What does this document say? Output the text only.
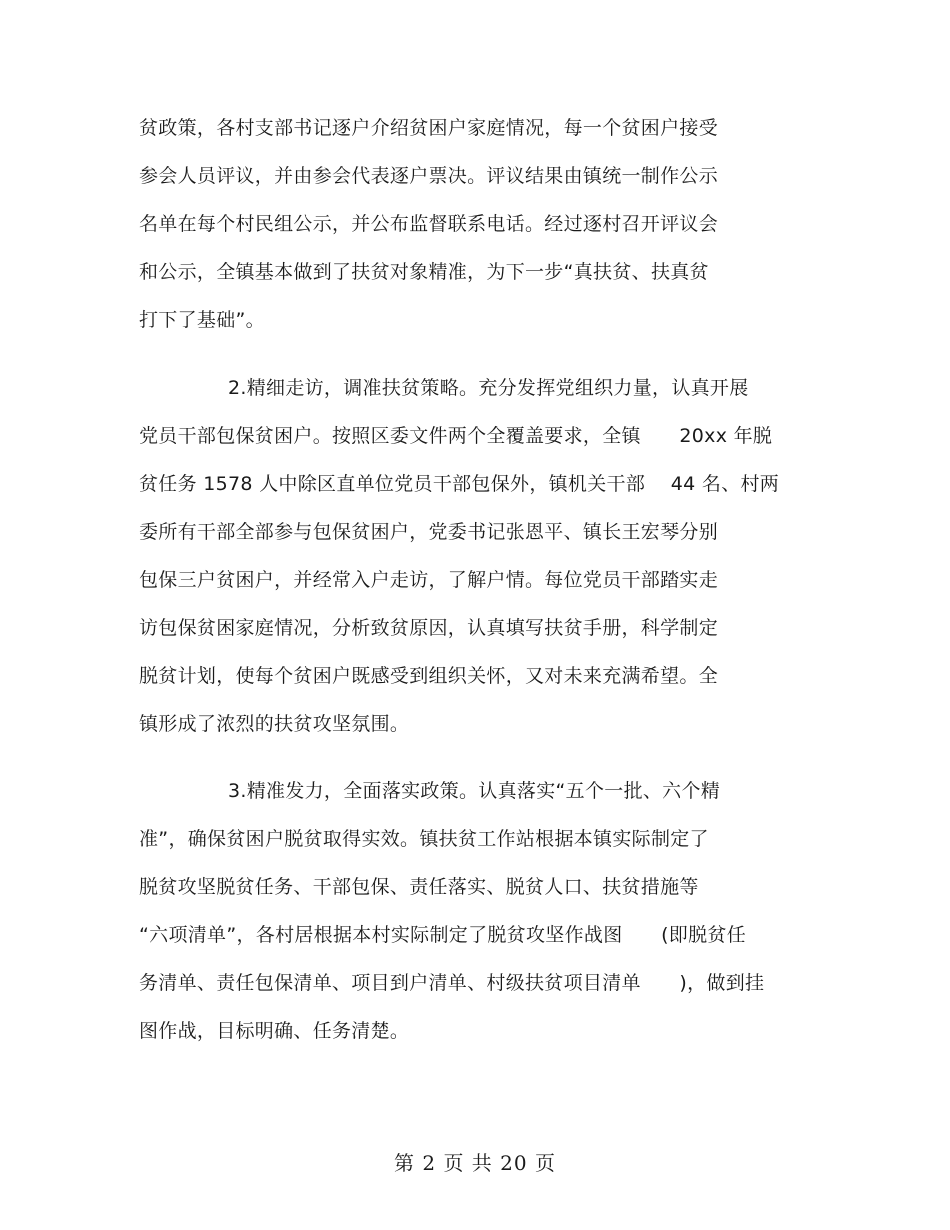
贫政策，各村支部书记逐户介绍贫困户家庭情况，每一个贫困户接受
参会人员评议，并由参会代表逐户票决。评议结果由镇统一制作公示
名单在每个村民组公示，并公布监督联系电话。经过逐村召开评议会
和公示，全镇基本做到了扶贫对象精准，为下一步“真扶贫、扶真贫
打下了基础”。
2.精细走访，调准扶贫策略。充分发挥党组织力量，认真开展
党员干部包保贫困户。按照区委文件两个全覆盖要求，全镇　　20xx 年脱
贫任务 1578 人中除区直单位党员干部包保外，镇机关干部　 44 名、村两
委所有干部全部参与包保贫困户，党委书记张恩平、镇长王宏琴分别
包保三户贫困户，并经常入户走访，了解户情。每位党员干部踏实走
访包保贫困家庭情况，分析致贫原因，认真填写扶贫手册，科学制定
脱贫计划，使每个贫困户既感受到组织关怀，又对未来充满希望。全
镇形成了浓烈的扶贫攻坚氛围。
3.精准发力，全面落实政策。认真落实“五个一批、六个精
准”，确保贫困户脱贫取得实效。镇扶贫工作站根据本镇实际制定了
脱贫攻坚脱贫任务、干部包保、责任落实、脱贫人口、扶贫措施等
“六项清单”，各村居根据本村实际制定了脱贫攻坚作战图　　(即脱贫任
务清单、责任包保清单、项目到户清单、村级扶贫项目清单　　)，做到挂
图作战，目标明确、任务清楚。
第 2 页 共 20 页
